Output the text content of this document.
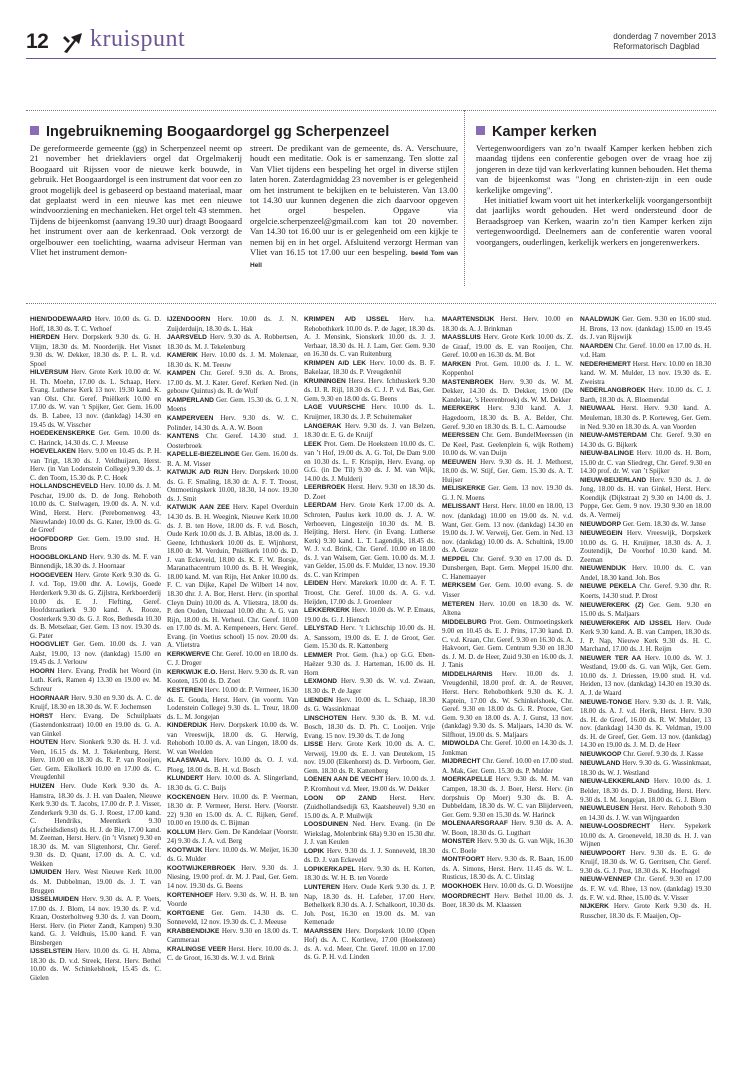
12 kruispunt	donderdag 7 november 2013
Reformatorisch Dagblad
Ingebruikneming Boogaardorgel gg Scherpenzeel

De gereformeerde gemeente (gg) in Scherpenzeel neemt op 21 november het drieklaviers orgel dat Orgelmakerij Boogaard uit Rijssen voor de nieuwe kerk bouwde, in gebruik. Het Boogaardorgel is een instrument dat voor een zo groot mogelijk deel is gebaseerd op bestaand materiaal, maar dat geplaatst werd in een nieuwe kas met een nieuwe windvoorziening en mechanieken. Het orgel telt 43 stemmen. Tijdens de bijeenkomst (aanvang 19.30 uur) draagt Boogaard het instrument over aan de kerkenraad. Ook verzorgt de orgelbouwer een toelichting, waarna adviseur Herman van Vliet het instrument demon-

streert. De predikant van de gemeente, ds. A. Verschuure, houdt een meditatie. Ook is er samenzang. Ten slotte zal Van Vliet tijdens een bespeling het orgel in diverse stijlen laten horen. Zaterdagmiddag 23 november is er gelegenheid om het instrument te bekijken en te beluisteren. Van 13.00 tot 14.30 uur kunnen degenen die zich daarvoor opgeven het orgel bespelen. Opgave via orgelcie.scherpenzeel@gmail.com kan tot 20 november. Van 14.30 tot 16.00 uur is er gelegenheid om een kijkje te nemen bij en in het orgel. Afsluitend verzorgt Herman van Vliet van 16.15 tot 17.00 uur een bespeling. beeld Tom van Hell

Kamper kerken

Vertegenwoordigers van zo’n twaalf Kamper kerken hebben zich maandag tijdens een conferentie gebogen over de vraag hoe zij jongeren in deze tijd van kerkverlating kunnen behouden. Het thema van de bijeenkomst was "Jong en christen-zijn in een oude kerkelijke omgeving".

Het initiatief kwam voort uit het interkerkelijk voorgangersontbijt dat jaarlijks wordt gehouden. Het werd ondersteund door de Beraadsgroep van Kerken, waarin zo’n tien Kamper kerken zijn vertegenwoordigd. Deelnemers aan de conferentie waren vooral voorgangers, ouderlingen, kerkelijk werkers en jongerenwerkers.

HIEN/DODEWAARD Herv. 10.00 ds. G. D. Hoff, 18.30 ds. T. C. Verhoef

HIERDEN Herv. Dorpskerk 9.30 ds. G. H. Vlijm, 18.30 ds. M. Noorderijk. Het Visnet 9.30 ds. W. Dekker, 18.30 ds. P. L. R. v.d. Spoel

HILVERSUM Herv. Grote Kerk 10.00 dr. W. H. Th. Moehn, 17.00 ds. L. Schaap, Herv. Evang. Lutherse Kerk 13 nov. 19.30 kand. K. van Olst. Chr. Geref. Pniëlkerk 10.00 en 17.00 ds. W. van ’t Spijker, Ger. Gem. 16.00 ds. B. Labee, 13 nov. (dankdag) 14.30 en 19.45 ds. W. Visscher

HOEDEKENSKERKE Ger. Gem. 10.00 ds. C. Harinck, 14.30 ds. C. J. Meeuse

HOEVELAKEN Herv. 9.00 en 10.45 ds. P. H. van Trigt, 18.30 ds. J. Veldhuijzen, Herst. Herv. (in Van Lodenstein College) 9.30 ds. J. C. den Toom, 15.30 ds. P. C. Hoek

HOLLANDSCHEVELD Herv. 10.00 ds. J. M. Peschar, 19.00 ds. D. de Jong. Rehoboth 10.00 ds. C. Stelwagen, 19.00 ds. A. N. v.d. Wind, Herst. Herv. (Perebomenweg 43, Nieuwlande) 10.00 ds. G. Kater, 19.00 ds. G. de Greef

HOOFDDORP Ger. Gem. 19.00 stud. H. Brons

HOOGBLOKLAND Herv. 9.30 ds. M. F. van Binnendijk, 18.30 ds. J. Hoornaar

HOOGEVEEN Herv. Grote Kerk 9.30 ds. G. J. v.d. Top, 19.00 dhr. A. Lowijs, Goede Herderkerk 9.30 ds. G. Zijlstra, Kerkboerderij 10.00 ds. E. J. Flefting, Geref. Hoofdstraatkerk 9.30 kand. A. Rooze, Oosterkerk 9.30 ds. G. J. Ros, Bethesda 10.30 ds. B. Metselaar, Ger. Gem. 13 nov. 19.30 ds. G. Pater

HOOGVLIET Ger. Gem. 10.00 ds. J. van Aalst, 19.00, 13 nov. (dankdag) 15.00 en 19.45 ds. J. Verlouw

HOORN Herv. Evang. Predik het Woord (in Luth. Kerk, Ramen 4) 13.30 en 19.00 ev. M. Schreur

HOORNAAR Herv. 9.30 en 9.30 ds. A. C. de Kruijf, 18.30 en 18.30 ds. W. F. Jochemsen

HORST Herv. Evang. De Schuilplaats (Gastendonkstraat) 10.00 en 19.00 ds. G. A. van Ginkel

HOUTEN Herv. Sionkerk 9.30 ds. H. J. v.d. Veen, 16.15 ds. M. J. Tekelenburg, Herst. Herv. 10.00 en 18.30 ds. R. P. van Rooijen, Ger. Gem. Eikolkerk 10.00 en 17.00 ds. C. Vreugdenhil

HUIZEN Herv. Oude Kerk 9.30 ds. A. Hamstra, 18.30 ds. J. H. van Daalen, Nieuwe Kerk 9.30 ds. T. Jacobs, 17.00 dr. P. J. Visser, Zenderkerk 9.30 ds. G. J. Roest, 17.00 kand. C. Hendriks, Meentkerk 9.30 (afscheidsdienst) ds. H. J. de Bie, 17.00 kand. M. Zeeman, Herst. Herv. (in ’t Visnet) 9.30 en 18.30 ds. M. van Sligtenhorst, Chr. Geref. 9.30 ds. D. Quant, 17.00 ds. A. C. v.d. Wekken

IJMUIDEN Herv. West Nieuwe Kerk 10.00 ds. M. Dubbelman, 19.00 ds. J. T. van Bruggen

IJSSELMUIDEN Herv. 9.30 ds. A. P. Voets, 17.00 ds. J. Blom, 14 nov. 19.30 ds. P. v.d. Kraan, Oosterholtweg 9.30 ds. J. van Doorn, Herst. Herv. (in Pieter Zandt, Kampen) 9.30 kand. G. J. Veldhuis, 15.00 kand. F. van Binsbergen

IJSSELSTEIN Herv. 10.00 ds. G. H. Abma, 18.30 ds. D. v.d. Streek, Herst. Herv. Bethel 10.00 ds. W. Schinkelshoek, 15.45 ds. C. Gielen

IJZENDOORN Herv. 10.00 ds. J. N. Zuijderduijn, 18.30 ds. L. Hak

JAARSVELD Herv. 9.30 ds. A. Robbertsen, 18.30 ds. M. J. Tekelenburg

KAMERIK Herv. 10.00 ds. J. M. Molenaar, 18.30 ds. K. M. Teeuw

KAMPEN Chr. Geref. 9.30 ds. A. Brons, 17.00 ds. M. J. Kater. Geref. Kerken Ned. (in gebouw Quintus) ds. R. de Wolf

KAMPERLAND Ger. Gem. 15.30 ds. G. J. N. Moens

KAMPERVEEN Herv. 9.30 ds. W. C. Polinder, 14.30 ds. A. A. W. Boon

KANTENS Chr. Geref. 14.30 stud. J. Oosterbroek

KAPELLE-BIEZELINGE Ger. Gem. 16.00 ds. R. A. M. Visser

KATWIJK A/D RIJN Herv. Dorpskerk 10.00 ds. G. F. Smaling, 18.30 dr. A. F. T. Troost, Ontmoetingskerk 10.00, 18.30, 14 nov. 19.30 ds. J. Smit

KATWIJK AAN ZEE Herv. Kapel Overduin 14.30 ds. B. H. Weegink, Nieuwe Kerk 10.00 ds. J. B. ten Hove, 18.00 ds. F. v.d. Bosch, Oude Kerk 10.00 ds. J. B. Alblas, 18.00 ds. J. Geene, Ichthuskerk 10.00 ds. E. Wijnhorst, 18.00 dr. M. Verduin, Pniëlkerk 10.00 ds. D. J. van Eckeveld, 18.00 ds. K. F. W. Borsje, Maranathacentrum 10.00 ds. B. H. Weegink, 18.00 kand. M. van Rijn, Het Anker 10.00 ds. F. C. van Dijke, Kapel De Wilbert 14 nov. 18.30 dhr. J. A. Bor, Herst. Herv. (in sporthal Cleyn Duin) 10.00 ds. A. Vlietstra, 18.00 ds. P. den Ouden, Uniezaal 10.00 dhr. A. G. van Rijn, 18.00 ds. H. Verheul. Chr. Geref. 10.00 en 17.00 ds. M. A. Kempeneers, Herv. Geref. Evang. (in Voetius school) 15 nov. 20.00 ds. A. Vlietstra

KERKWERVE Chr. Geref. 10.00 en 18.00 ds. C. J. Droger

KERKWIJK E.O. Herst. Herv. 9.30 ds. R. van Kooten, 15.00 ds. D. Zoet

KESTEREN Herv. 10.00 dr. P. Vermeer, 16.30 ds. E. Gouda, Herst. Herv. (in voorm. Van Lodenstein College) 9.30 ds. L. Treur, 18.00 ds. L. M. Jongejan

KINDERDIJK Herv. Dorpskerk 10.00 ds. W. van Vreeswijk, 18.00 ds. G. Herwig, Rehoboth 10.00 ds. A. van Lingen, 18.00 ds. W. van Weelden

KLAASWAAL Herv. 10.00 ds. O. J. v.d. Ploeg, 18.00 ds. B. H. v.d. Bosch

KLUNDERT Herv. 10.00 ds. A. Slingerland, 18.30 ds. G. C. Buijs

KOCKENGEN Herv. 10.00 ds. P. Veerman, 18.30 dr. P. Vermeer, Herst. Herv. (Voorstr. 22) 9.30 en 15.00 ds. A. C. Rijken, Geref. 10.00 en 19.00 ds. C. Bijman

KOLLUM Herv. Gem. De Kandelaar (Voorstr. 24) 9.30 ds. J. A. v.d. Berg

KOOTWIJK Herv. 10.00 ds. W. Meijer, 16.30 ds. G. Mulder

KOOTWIJKERBROEK Herv. 9.30 ds. J. Niesing, 19.00 prof. dr. M. J. Paul, Ger. Gem. 14 nov. 19.30 ds. G. Beens

KORTENHOEF Herv. 9.30 ds. W. H. B. ten Voorde

KORTGENE Ger. Gem. 14.30 ds. C. Sonneveld, 12 nov. 19.30 ds. C. J. Meeuse

KRABBENDIJKE Herv. 9.30 en 18.00 ds. T. Cammeraat

KRALINGSE VEER Herst. Herv. 10.00 ds. J. C. de Groot, 16.30 ds. W. J. v.d. Brink

KRIMPEN A/D IJSSEL Herv. h.a. Rehobothkerk 10.00 ds. P. de Jager, 18.30 ds. A. J. Mensink, Sionskerk 10.00 ds. J. J. Verhaar, 18.30 ds. H. J. Lam, Ger. Gem. 9.30 en 16.30 ds. C. van Ruitenburg

KRIMPEN A/D LEK Herv. 10.00 ds. B. F. Bakelaar, 18.30 ds. P. Vreugdenhil

KRUININGEN Herst. Herv. Ichthuskerk 9.30 ds. IJ. R. Rijl, 18.30 ds. C. J. P. v.d. Bas, Ger. Gem. 9.30 en 18.00 ds. G. Beens

LAGE VUURSCHE Herv. 10.00 ds. L. Kruijmer, 18.30 ds. J. P. Schuitemaker

LANGERAK Herv. 9.30 ds. J. van Belzen, 18.30 dr. E. G. de Kruijf

LEEK Prot. Gem. De Hoeksteen 10.00 ds. C. van ’t Hof, 19.00 ds. A. G. Tol, De Dam 9.00 en 10.30 ds. L. F. Krispijn, Herv. Evang. op G.G. (in De Til) 9.30 ds. J. M. van Wijk, 14.00 ds. J. Mulderij

LEERBROEK Herst. Herv. 9.30 en 18.30 ds. D. Zoet

LEERDAM Herv. Grote Kerk 17.00 ds. A. Schroten, Paulus kerk 10.00 ds. J. A. W. Verhoeven, Lingesteijn 10.30 ds. M. B. Heijting, Herst. Herv. (in Evang. Lutherse Kerk) 9.30 kand. L. T. Lagendijk, 18.45 ds. W. J. v.d. Brink, Chr. Geref. 10.00 en 18.00 ds. J. van Walsem, Ger. Gem. 10.00 ds. M. J. van Gelder, 15.00 ds. F. Mulder, 13 nov. 19.30 ds. C. van Krimpen

LEIDEN Herv. Marekerk 10.00 dr. A. F. T. Troost, Chr. Geref. 10.00 ds. A. G. v.d. Heijden, 17.00 ds. J. Groenleer

LEKKERKERK Herv. 10.00 ds. W. P. Emaus, 19.00 ds. G. J. Hiensch

LELYSTAD Herv. ’t Lichtschip 10.00 ds. H. A. Sanssom, 19.00 ds. E. J. de Groot, Ger. Gem. 15.30 ds. R. Kattenberg

LEMMER Prot. Gem. (h.a.) op G.G. Eben-Haëzer 9.30 ds. J. Harteman, 16.00 ds. H. Horn

LEXMOND Herv. 9.30 ds. W. v.d. Zwaan, 18.30 ds. P. de Jager

LIENDEN Herv. 10.00 ds. L. Schaap, 18.30 ds. G. Wassinkmaat

LINSCHOTEN Herv. 9.30 ds. B. M. v.d. Bosch, 18.30 ds. D. Ph. C. Looijen. Vrije Evang. 15 nov. 19.30 ds. T. de Jong

LISSE Herv. Grote Kerk 10.00 ds. A. C. Verweij, 19.00 ds. E. J. van Deutekom, 15 nov. 19.00 (Eikenhorst) ds. D. Verboom, Ger. Gem. 18.30 ds. R. Kattenberg

LOENEN AAN DE VECHT Herv. 10.00 ds. J. P. Kromhout v.d. Meer, 19.00 ds. W. Dekker

LOON OP ZAND Herst. Herv. (Zuidhollandsedijk 63, Kaatsheuvel) 9.30 en 15.00 ds. A. P. Muilwijk

LOOSDUINEN Ned. Herv. Evang. (in De Wiekslag, Molenbrink 68a) 9.30 en 15.30 dhr. J. J. van Keulen

LOPIK Herv. 9.30 ds. J. J. Sonneveld, 18.30 ds. D. J. van Eckeveld

LOPIKERKAPEL Herv. 9.30 ds. H. Korten, 18.30 ds. W. H. B. ten Voorde

LUNTEREN Herv. Oude Kerk 9.30 ds. J. P. Nap, 18.30 ds. H. Lafeber, 17.00 Herv. Bethelkerk 8.30 ds. A. J. Schalkoort, 10.30 ds. Joh. Post, 16.30 en 19.00 ds. M. van Kemenade

MAARSSEN Herv. Dorpskerk 10.00 (Open Hof) ds. A. C. Kortleve, 17.00 (Hoeksteen) ds. A. v.d. Meer, Chr. Geref. 10.00 en 17.00 ds. G. P. H. v.d. Linden

MAARTENSDIJK Herst. Herv. 10.00 en 18.30 ds. A. J. Brinkman

MAASSLUIS Herv. Grote Kerk 10.00 ds. Z. de Graaf, 19.00 ds. E. van Rooijen, Chr. Geref. 10.00 en 16.30 ds. M. Bot

MARKEN Prot. Gem. 10.00 ds. J. L. W. Koppenhol

MASTENBROEK Herv. 9.30 ds. W. M. Dekker, 14.30 ds. D. Dekker, 19.00 (De Kandelaar, ’s Heerenbroek) ds. W. M. Dekker

MEERKERK Herv. 9.30 kand. A. J. Hagedoorn, 18.30 ds. B. A. Belder, Chr. Geref. 9.30 en 18.30 ds. B. L. C. Aarnoudse

MEERSSEN Chr. Gem. BundelMeerssen (in De Keel, Past. Geelenplein 6, wijk Rothem) 10.00 ds. W. van Duijn

MEEUWEN Herv. 9.30 ds. H. J. Methorst, 18.00 ds. W. Stijf, Ger. Gem. 15.30 ds. A. T. Huijser

MELISKERKE Ger. Gem. 13 nov. 19.30 ds. G. J. N. Moens

MELISSANT Herst. Herv. 10.00 en 18.00, 13 nov. (dankdag) 10.00 en 19.00 ds. N. v.d. Want, Ger. Gem. 13 nov. (dankdag) 14.30 en 19.00 ds. J. W. Verweij, Ger. Gem. in Ned. 13 nov. (dankdag) 10.00 ds. A. Schultink, 19.00 ds. A. Geuze

MEPPEL Chr. Geref. 9.30 en 17.00 ds. D. Dunsbergen, Bapt. Gem. Meppel 16.00 dhr. C. Hanemaayer

MERKSEM Ger. Gem. 10.00 evang. S. de Visser

METEREN Herv. 10.00 en 18.30 ds. W. Altena

MIDDELBURG Prot. Gem. Ontmoetingskerk 9.00 en 10.45 ds. E. J. Prins, 17.30 kand. D. C. v.d. Kraan, Chr. Geref. 9.30 en 16.30 ds. A. Hakvoort, Ger. Gem. Centrum 9.30 en 18.30 ds. J. M. D. de Heer, Zuid 9.30 en 16.00 ds. J. J. Tanis

MIDDELHARNIS Herv. 10.00 ds. J. Vreugdenhil, 18.00 prof. dr. A. de Reuver, Herst. Herv. Rehobothkerk 9.30 ds. K. J. Kaptein, 17.00 ds. W. Schinkelshoek, Chr. Geref. 9.30 en 18.00 ds. G. R. Procee, Ger. Gem. 9.30 en 18.00 ds. A. J. Gunst, 13 nov. (dankdag) 9.30 ds. S. Maljaars, 14.30 ds. W. Silfhout, 19.00 ds. S. Maljaars

MIDWOLDA Chr. Geref. 10.00 en 14.30 ds. J. Jonkman

MIJDRECHT Chr. Geref. 10.00 en 17.00 stud. A. Mak, Ger. Gem. 15.30 ds. P. Mulder

MOERKAPELLE Herv. 9.30 ds. M. M. van Campen, 18.30 ds. J. Boer, Herst. Herv. (in dorpshuis Op Moer) 9.30 ds. B. A. Dubbeldam, 18.30 ds. W. C. van Blijderveen, Ger. Gem. 9.30 en 15.30 ds. W. Harinck

MOLENAARSGRAAF Herv. 9.30 ds. A. A. W. Boon, 18.30 ds. G. Lugthart

MONSTER Herv. 9.30 ds. G. van Wijk, 16.30 ds. C. Boele

MONTFOORT Herv. 9.30 ds. R. Baan, 16.00 ds. A. Simons, Herst. Herv. 11.45 ds. W. L. Rusticus, 18.30 ds. A. C. Uitslag

MOOKHOEK Herv. 10.00 ds. G. D. Woestijne

MOORDRECHT Herv. Bethel 10.00 ds. J. Boer, 18.30 ds. M. Klaassen

NAALDWIJK Ger. Gem. 9.30 en 16.00 stud. H. Brons, 13 nov. (dankdag) 15.00 en 19.45 ds. J. van Rijswijk

NAARDEN Chr. Geref. 10.00 en 17.00 ds. H. v.d. Ham

NEDERHEMERT Herst. Herv. 10.00 en 18.30 kand. W. M. Mulder, 13 nov. 19.30 ds. E. Zweistra

NEDERLANGBROEK Herv. 10.00 ds. C. J. Barth, 18.30 ds. A. Bloemendal

NIEUWAAL Herst. Herv. 9.30 kand. A. Meuleman, 18.30 ds. P. Korteweg, Ger. Gem. in Ned. 9.30 en 18.30 ds. A. van Voorden

NIEUW-AMSTERDAM Chr. Geref. 9.30 en 14.30 ds. G. Bijkerk

NIEUW-BALINGE Herv. 10.00 ds. H. Born, 15.00 dr. C. van Sliedregt, Chr. Geref. 9.30 en 14.30 prof. dr. W. van ’t Spijker

NIEUW-BEIJERLAND Herv. 9.30 ds. J. de Jong, 18.00 ds. H. van Ginkel, Herst. Herv. Koendijk (Dijkstraat 2) 9.30 en 14.00 ds. J. Poppe, Ger. Gem. 9 nov. 19.30 9.30 en 18.00 ds. A. Vermeij

NIEUWDORP Ger. Gem. 18.30 ds. W. Janse

NIEUWEGEIN Herv. Vreeswijk, Dorpskerk 10.00 ds. G. H. Kruijmer, 18.30 ds. A. J. Zoutendijk, De Voorhof 10.30 kand. M. Zeeman

NIEUWENDIJK Herv. 10.00 ds. C. van Andel, 18.30 kand. Joh. Bos

NIEUWE PEKELA Chr. Geref. 9.30 dhr. R. Koerts, 14.30 stud. P. Drost

NIEUWERKERK (Z) Ger. Gem. 9.30 en 15.00 ds. S. Maljaars

NIEUWERKERK A/D IJSSEL Herv. Oude Kerk 9.30 kand. A. B. van Campen, 18.30 ds. J. P. Nap, Nieuwe Kerk 9.30 ds. H. C. Marchand, 17.00 ds. J. H. Reijm

NIEUWER TER AA Herv. 10.00 ds. W. J. Westland, 19.00 ds. G. van Wijk, Ger. Gem. 10.00 ds. J. Driessen, 19.00 stud. H. v.d. Heiden, 13 nov. (dankdag) 14.30 en 19.30 ds. A. J. de Waard

NIEUWE-TONGE Herv. 9.30 ds. J. R. Valk, 18.00 ds. A. J. v.d. Herik, Herst. Herv. 9.30 ds. H. de Greef, 16.00 ds. R. W. Mulder, 13 nov. (dankdag) 14.30 ds. K. Veldman, 19.00 ds. H. de Greef, Ger. Gem. 13 nov. (dankdag) 14.30 en 19.00 ds. J. M. D. de Heer

NIEUWKOOP Chr. Geref. 9.30 ds. J. Kasse

NIEUWLAND Herv. 9.30 ds. G. Wassinkmaat, 18.30 ds. W. J. Westland

NIEUW-LEKKERLAND Herv. 10.00 ds. J. Belder, 18.30 ds. D. J. Budding, Herst. Herv. 9.30 ds. I. M. Jongejan, 18.00 ds. G. J. Blom

NIEUWLEUSEN Herst. Herv. Rehoboth 9.30 en 14.30 ds. J. W. van Wijngaarden

NIEUW-LOOSDRECHT Herv. Sypekerk 10.00 ds. A. Groeneveld, 18.30 ds. H. J. van Wijnen

NIEUWPOORT Herv. 9.30 ds. E. G. de Kruijf, 18.30 ds. W. G. Gerritsen, Chr. Geref. 9.30 ds. G. J. Post, 18.30 ds. K. Hoefnagel

NIEUW-VENNEP Chr. Geref. 9.30 en 17.00 ds. F. W. v.d. Rhee, 13 nov. (dankdag) 19.30 ds. F. W. v.d. Rhee, 15.00 ds. V. Visser

NIJKERK Herv. Grote Kerk 9.30 ds. H. Russcher, 18.30 ds. F. Maaijen, Op-
